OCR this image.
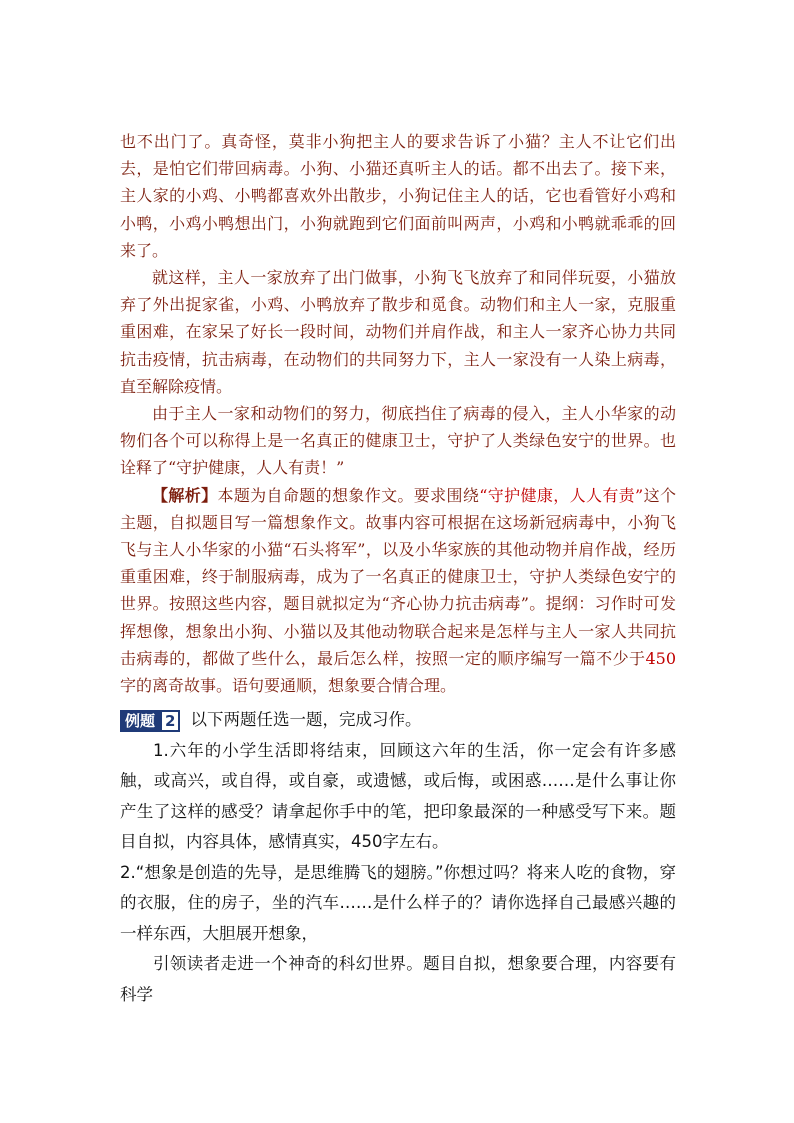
也不出门了。真奇怪，莫非小狗把主人的要求告诉了小猫？主人不让它们出去，是怕它们带回病毒。小狗、小猫还真听主人的话。都不出去了。接下来，主人家的小鸡、小鸭都喜欢外出散步，小狗记住主人的话，它也看管好小鸡和小鸭，小鸡小鸭想出门，小狗就跑到它们面前叫两声，小鸡和小鸭就乖乖的回来了。

就这样，主人一家放弃了出门做事，小狗飞飞放弃了和同伴玩耍，小猫放弃了外出捉家雀，小鸡、小鸭放弃了散步和觅食。动物们和主人一家，克服重重困难，在家呆了好长一段时间，动物们并肩作战，和主人一家齐心协力共同抗击疫情，抗击病毒，在动物们的共同努力下，主人一家没有一人染上病毒，直至解除疫情。

由于主人一家和动物们的努力，彻底挡住了病毒的侵入，主人小华家的动物们各个可以称得上是一名真正的健康卫士，守护了人类绿色安宁的世界。也诠释了“守护健康，人人有责！”

【解析】本题为自命题的想象作文。要求围绕“守护健康，人人有责”这个主题，自拟题目写一篇想象作文。故事内容可根据在这场新冠病毒中，小狗飞飞与主人小华家的小猫“石头将军”，以及小华家族的其他动物并肩作战，经历重重困难，终于制服病毒，成为了一名真正的健康卫士，守护人类绿色安宁的世界。按照这些内容，题目就拟定为“齐心协力抗击病毒”。提纲：习作时可发挥想像，想象出小狗、小猫以及其他动物联合起来是怎样与主人一家人共同抗击病毒的，都做了些什么，最后怎么样，按照一定的顺序编写一篇不少于450字的离奇故事。语句要通顺，想象要合情合理。

例题 2 以下两题任选一题，完成习作。

1.六年的小学生活即将结束，回顾这六年的生活，你一定会有许多感触，或高兴，或自得，或自豪，或遗憾，或后悔，或困惑……是什么事让你产生了这样的感受？请拿起你手中的笔，把印象最深的一种感受写下来。题目自拟，内容具体，感情真实，450字左右。

2.“想象是创造的先导，是思维腾飞的翅膀。”你想过吗？将来人吃的食物，穿的衣服，住的房子，坐的汽车……是什么样子的？请你选择自己最感兴趣的一样东西，大胆展开想象，

引领读者走进一个神奇的科幻世界。题目自拟，想象要合理，内容要有科学
